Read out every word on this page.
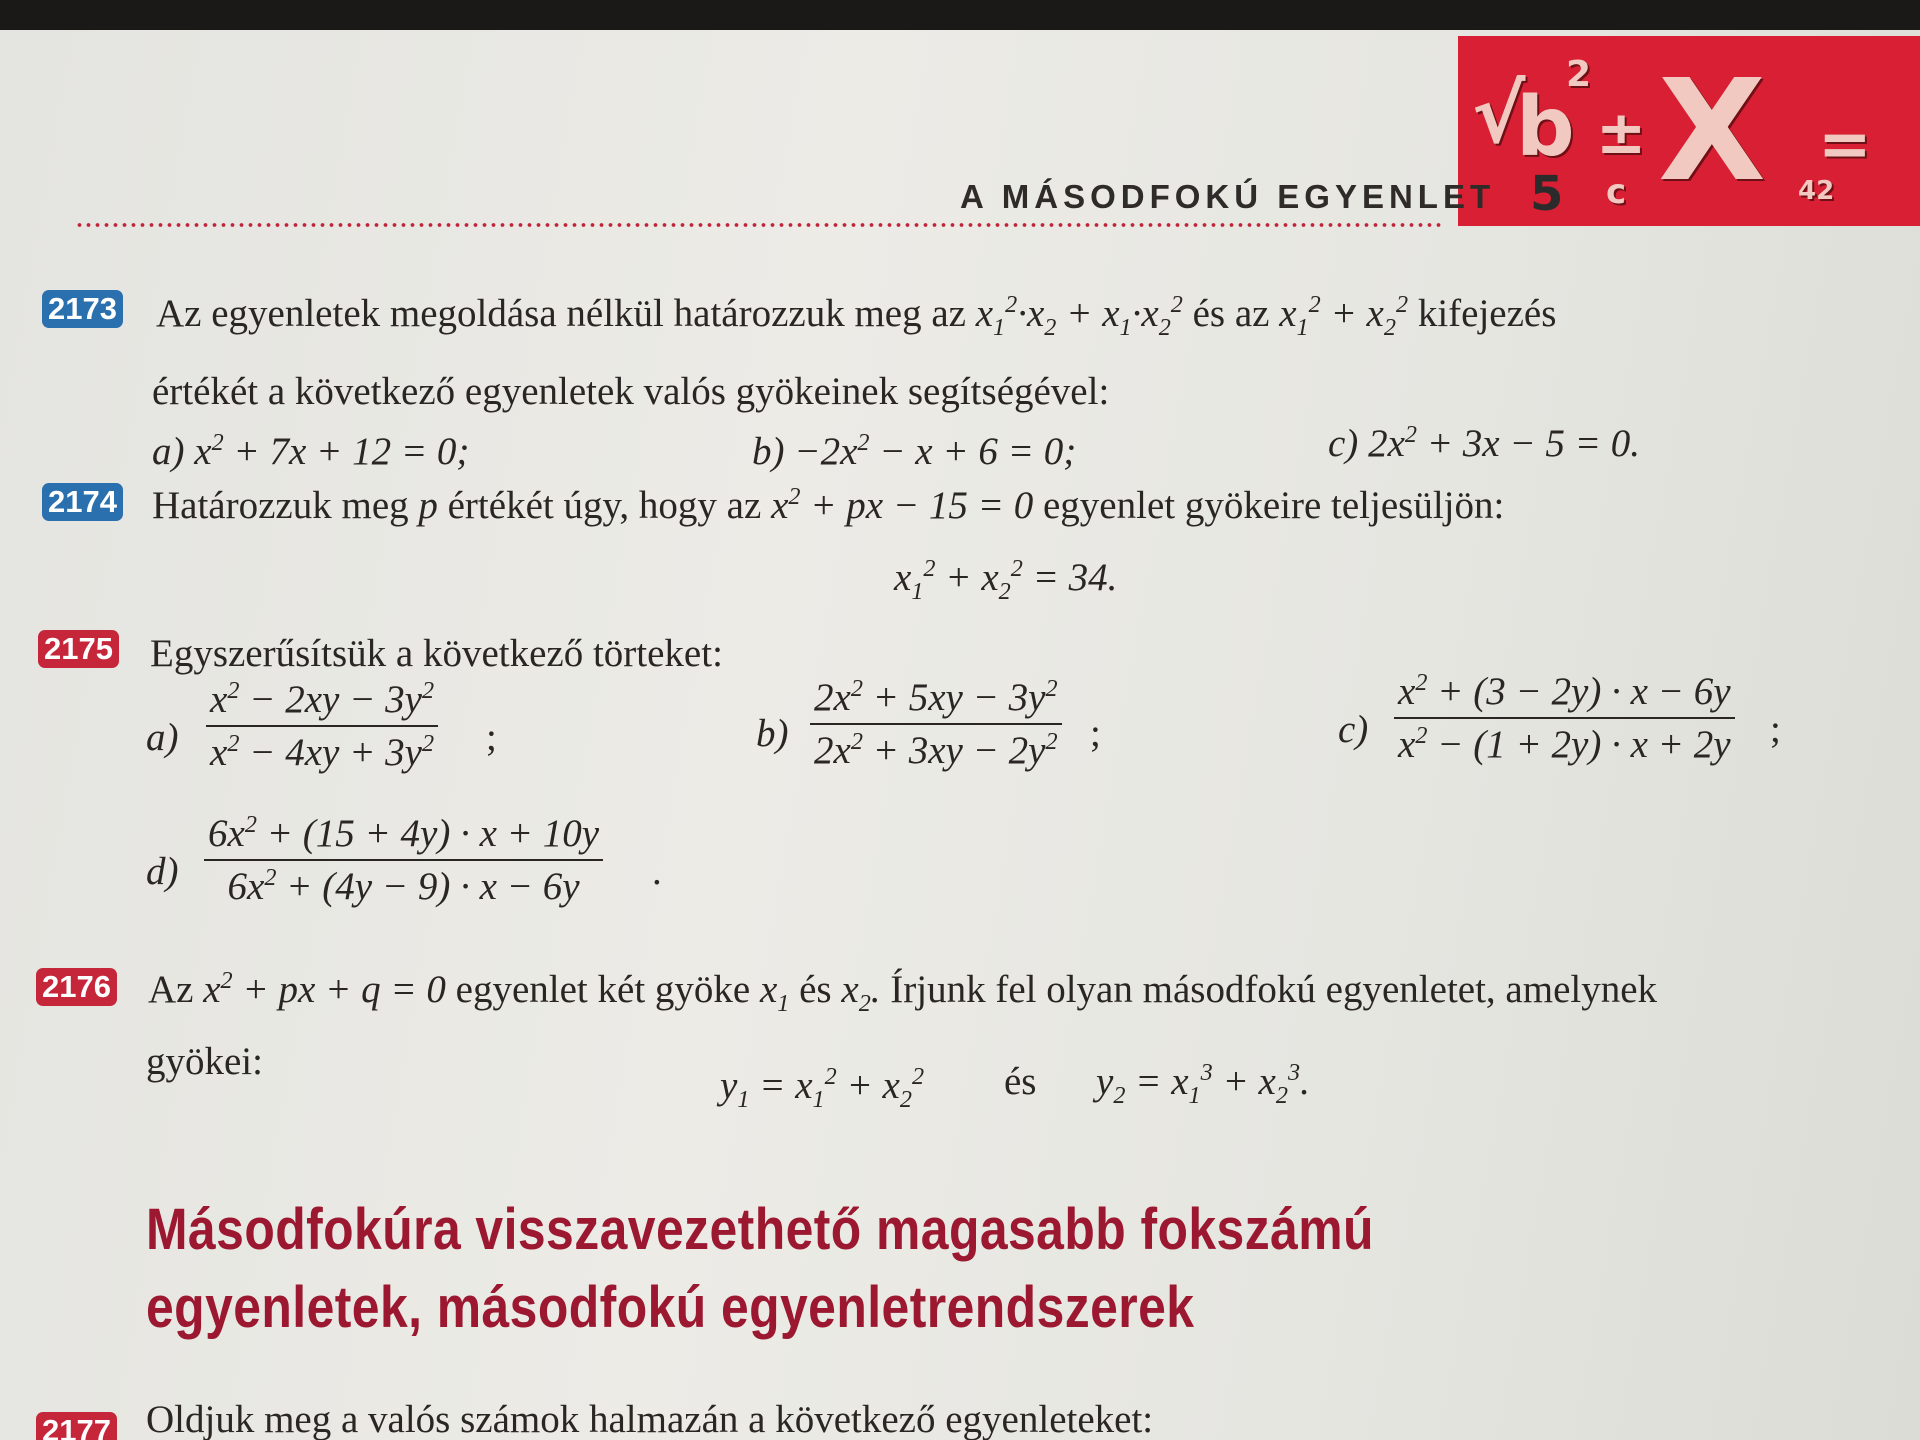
√
b
2
± X =
5 c	42
A MÁSODFOKÚ EGYENLET
2173 Az egyenletek megoldása nélkül határozzuk meg az $x_1^2\cdot x_2 + x_1\cdot x_2^2$ és az $x_1^2 + x_2^2$ kifejezés
értékét a következő egyenletek valós gyökeinek segítségével:
a) $x^2 + 7x + 12 = 0$;	$b) -2x^2 - x + 6 = 0$;	c) $2x^2 + 3x - 5 = 0$.
2174 Határozzuk meg p értékét úgy, hogy az $x^2$ + px − 15 = 0 egyenlet gyökeire teljesüljön:
$x_1^2 + x_2^2 = 34$.
2175 Egyszerűsítsük a következő törteket:
$a) \frac{x^2 - 2xy - 3y^2}{x^2 - 4xy + 3y^2}$ ;	$b) \frac{2x^2 + 5xy - 3y^2}{2x^2 + 3xy - 2y^2}$ ;	$c) \frac{x^2 + (3 - 2y) \cdot x - 6y}{x^2 - (1 + 2y) \cdot x + 2y}$ ;
$d) \frac{6x^2 + (15 + 4y) \cdot x + 10y}{6x^2 + (4y - 9) \cdot x - 6y}$ .
2176 Az $x^2$ + px + q = 0 egyenlet két gyöke $x_1$ és $x_2$. Írjunk fel olyan másodfokú egyenletet, amelynek
gyökei:
$y_1 = x_1^2 + x_2^2$ és $y_2 = x_1^3 + x_2^3$.
Másodfokúra visszavezethető magasabb fokszámú
egyenletek, másodfokú egyenletrendszerek
2177 Oldjuk meg a valós számok halmazán a következő egyenleteket:
